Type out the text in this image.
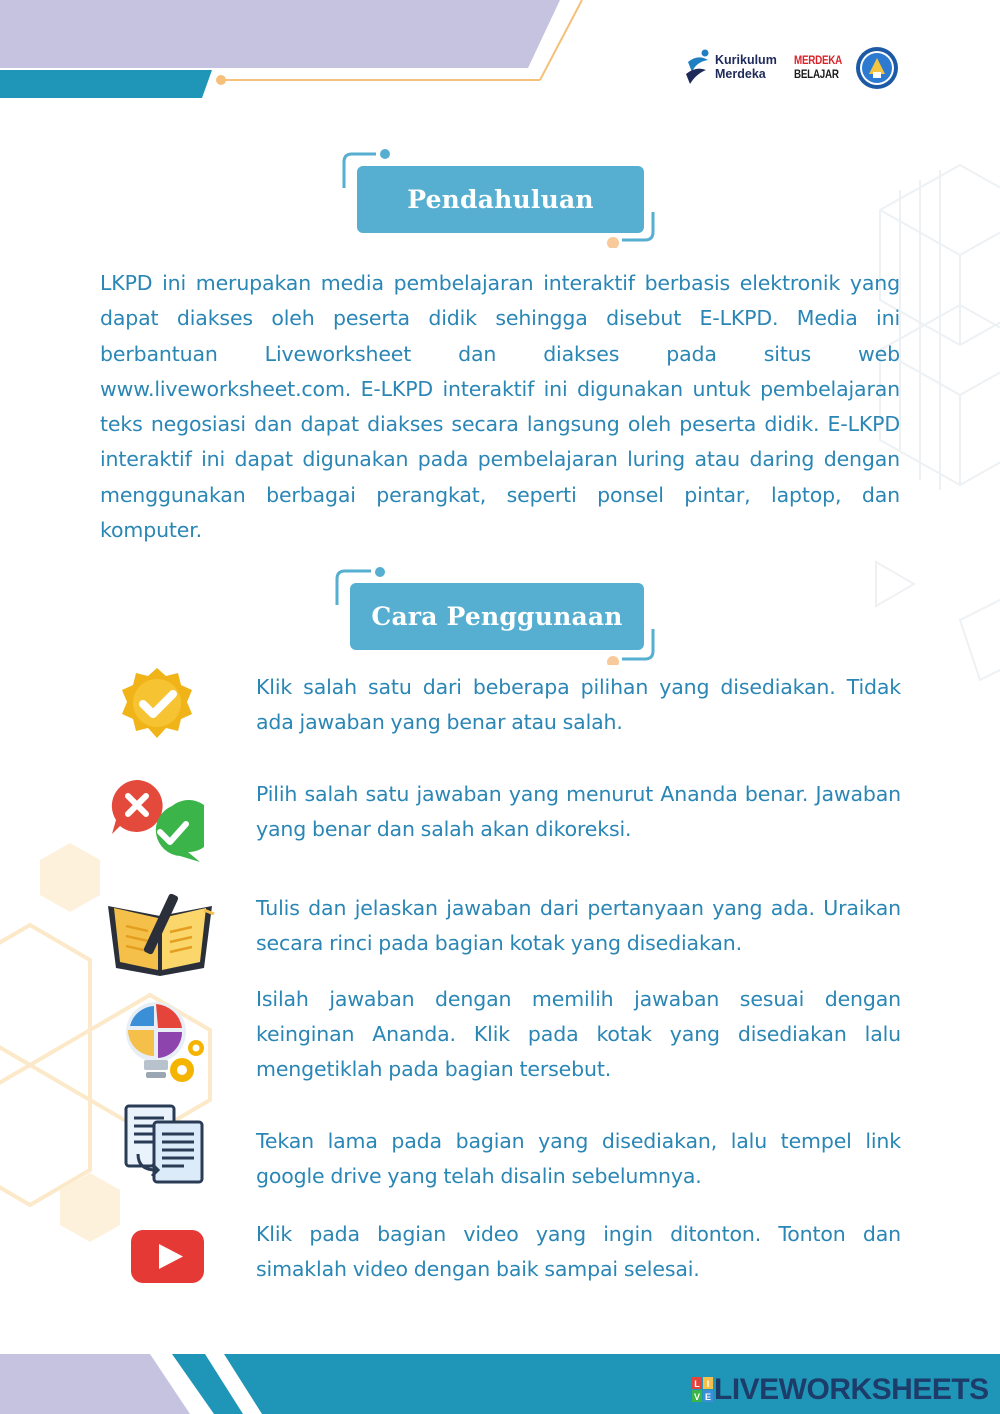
Kurikulum
Merdeka
MERDEKA
BELAJAR
Pendahuluan
LKPD ini merupakan media pembelajaran interaktif berbasis elektronik yang dapat diakses oleh peserta didik sehingga disebut E-LKPD. Media ini berbantuan Liveworksheet dan diakses pada situs web www.liveworksheet.com. E-LKPD interaktif ini digunakan untuk pembelajaran teks negosiasi dan dapat diakses secara langsung oleh peserta didik. E-LKPD interaktif ini dapat digunakan pada pembelajaran luring atau daring dengan menggunakan berbagai perangkat, seperti ponsel pintar, laptop, dan komputer.
Cara Penggunaan
Klik salah satu dari beberapa pilihan yang disediakan. Tidak ada jawaban yang benar atau salah.
Pilih salah satu jawaban yang menurut Ananda benar. Jawaban yang benar dan salah akan dikoreksi.
Tulis dan jelaskan jawaban dari pertanyaan yang ada. Uraikan secara rinci pada bagian kotak yang disediakan.
Isilah jawaban dengan memilih jawaban sesuai dengan keinginan Ananda. Klik pada kotak yang disediakan lalu mengetiklah pada bagian tersebut.
Tekan lama pada bagian yang disediakan, lalu tempel link google drive yang telah disalin sebelumnya.
Klik pada bagian video yang ingin ditonton. Tonton dan simaklah video dengan baik sampai selesai.
L I
V E LIVEWORKSHEETS
